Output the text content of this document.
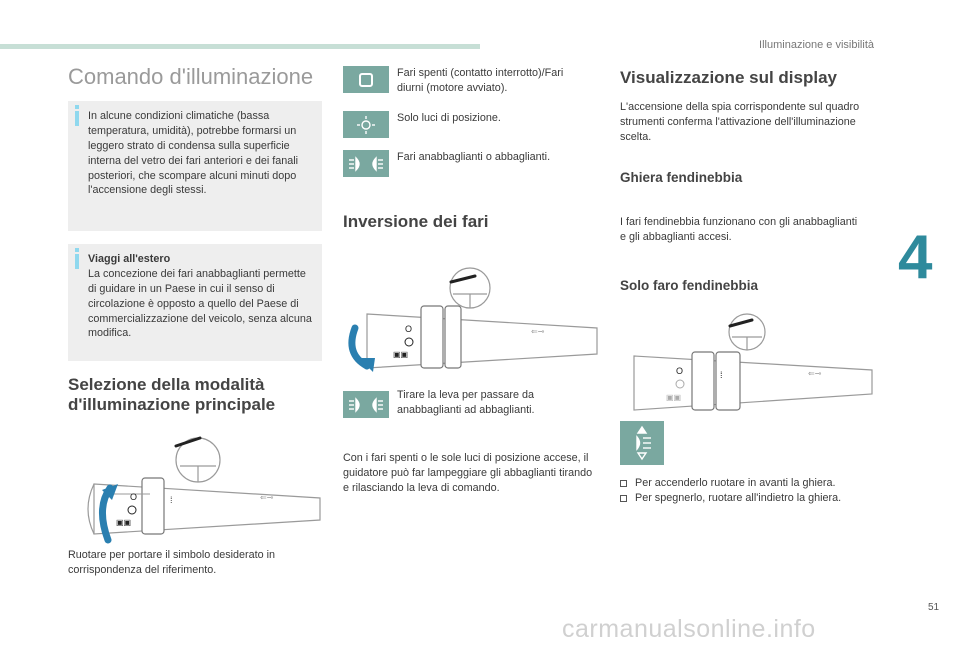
Illuminazione e visibilità
4
51
carmanualsonline.info
Comando d'illuminazione
In alcune condizioni climatiche (bassa temperatura, umidità), potrebbe formarsi un leggero strato di condensa sulla superficie interna del vetro dei fari anteriori e dei fanali posteriori, che scompare alcuni minuti dopo l'accensione degli stessi.
Viaggi all'estero
La concezione dei fari anabbaglianti permette di guidare in un Paese in cui il senso di circolazione è opposto a quello del Paese di commercializzazione del veicolo, senza alcuna modifica.
Selezione della modalità d'illuminazione principale
O
▣▣
⁞	⇐⊸
Ruotare per portare il simbolo desiderato in corrispondenza del riferimento.
Fari spenti (contatto interrotto)/Fari diurni (motore avviato).
Solo luci di posizione.
Fari anabbaglianti o abbaglianti.
Inversione dei fari
O
▣▣
⇐⊸
Tirare la leva per passare da anabbaglianti ad abbaglianti.
Con i fari spenti o le sole luci di posizione accese, il guidatore può far lampeggiare gli abbaglianti tirando e rilasciando la leva di comando.
Visualizzazione sul display
L'accensione della spia corrispondente sul quadro strumenti conferma l'attivazione dell'illuminazione scelta.
Ghiera fendinebbia
I fari fendinebbia funzionano con gli anabbaglianti e gli abbaglianti accesi.
Solo faro fendinebbia
⁞
O
▣▣
⇐⊸
Per accenderlo ruotare in avanti la ghiera.
Per spegnerlo, ruotare all'indietro la ghiera.
